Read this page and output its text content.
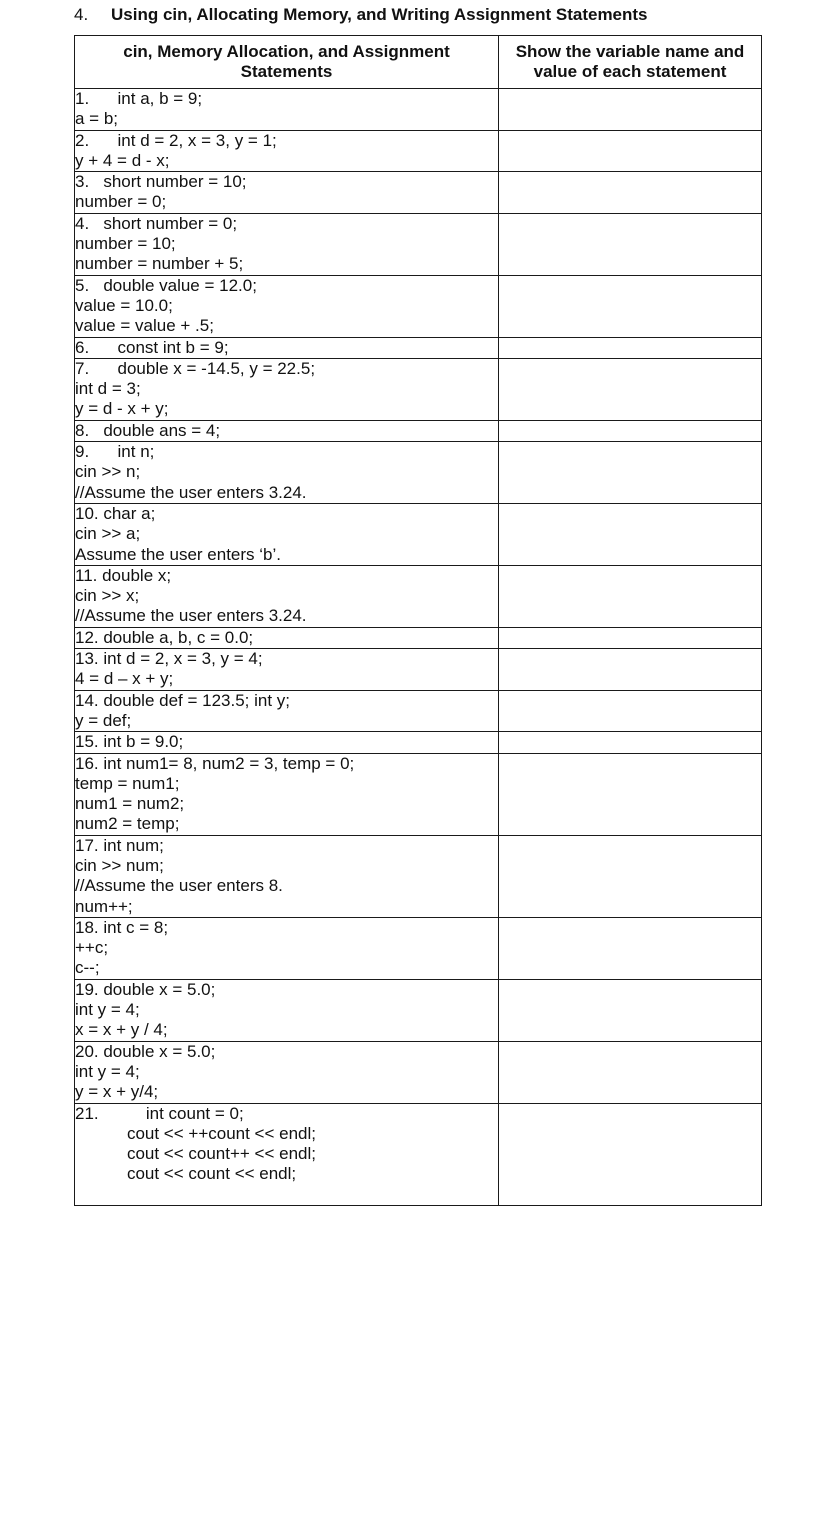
4. Using cin, Allocating Memory, and Writing Assignment Statements
cin, Memory Allocation, and Assignment Statements	Show the variable name and value of each statement

1.      int a, b = 9;
a = b;	

2.      int d = 2, x = 3, y = 1;
y + 4 = d - x;	

3.   short number = 10;
number = 0;	

4.   short number = 0;
number = 10;
number = number + 5;	

5.   double value = 12.0;
value = 10.0;
value = value + .5;	

6.      const int b = 9;	

7.      double x = -14.5, y = 22.5;
int d = 3;
y = d - x + y;	

8.   double ans = 4;	

9.      int n;
cin >> n;
//Assume the user enters 3.24.	

10. char a;
cin >> a;
Assume the user enters ‘b’.	

11. double x;
cin >> x;
//Assume the user enters 3.24.	

12. double a, b, c = 0.0;	

13. int d = 2, x = 3, y = 4;
4 = d – x + y;	

14. double def = 123.5; int y;
y = def;	

15. int b = 9.0;	

16. int num1= 8, num2 = 3, temp = 0;
temp = num1;
num1 = num2;
num2 = temp;	

17. int num;
cin >> num;
//Assume the user enters 8.
num++;	

18. int c = 8;
++c;
c--;	

19. double x = 5.0;
int y = 4;
x = x + y / 4;	

20. double x = 5.0;
int y = 4;
y = x + y/4;	

21.          int count = 0;
cout << ++count << endl;
cout << count++ << endl;
cout << count << endl;	
